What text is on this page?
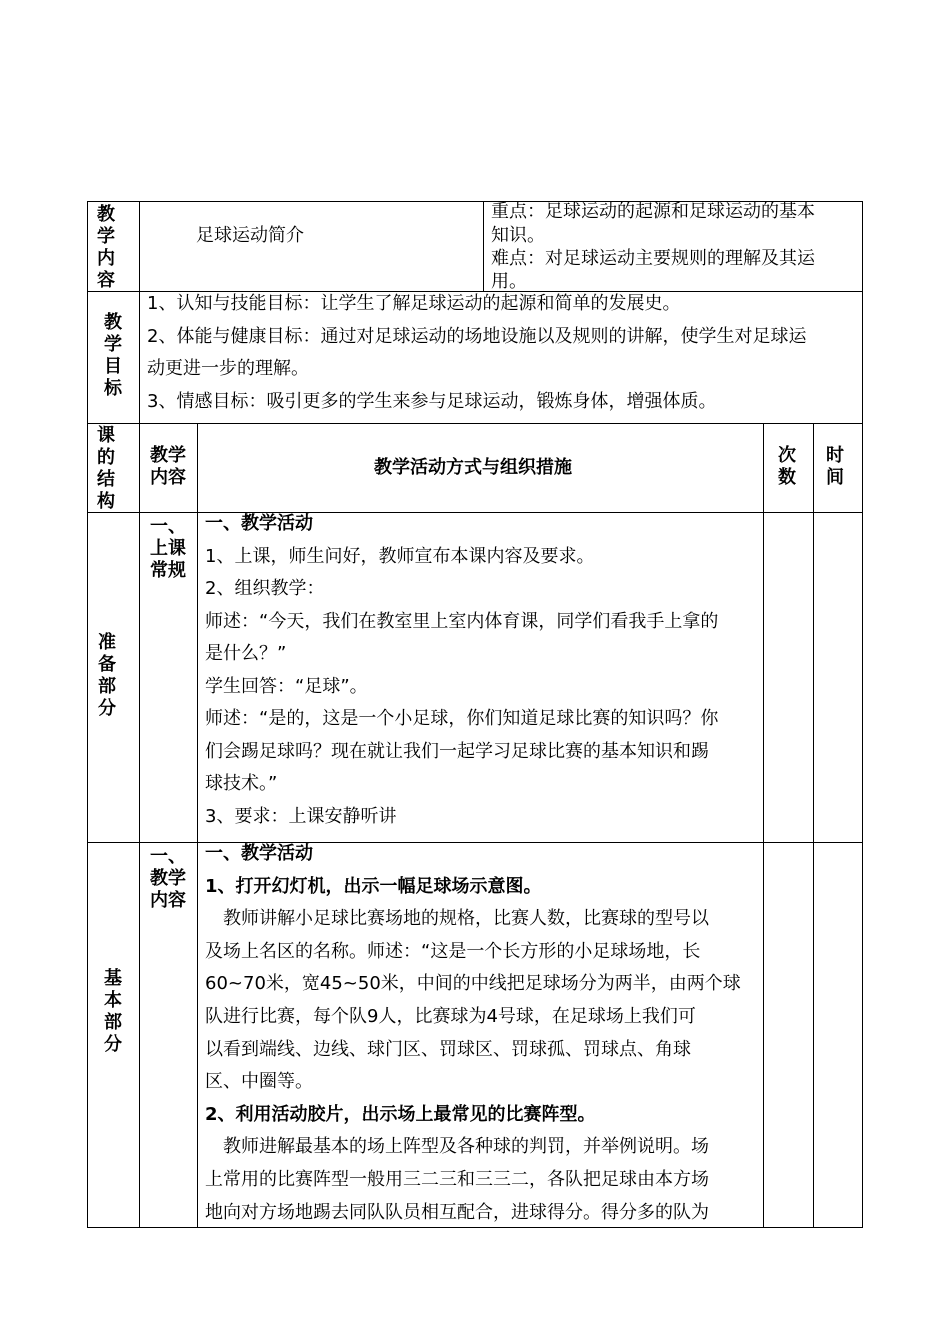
教
学
内
容
足球运动简介
重点：足球运动的起源和足球运动的基本
知识。
难点：对足球运动主要规则的理解及其运
用。
教
学
目
标

1、认知与技能目标：让学生了解足球运动的起源和简单的发展史。

2、体能与健康目标：通过对足球运动的场地设施以及规则的讲解，使学生对足球运

动更进一步的理解。

3、情感目标：吸引更多的学生来参与足球运动，锻炼身体，增强体质。

课
的
结
构
教学
内容	教学活动方式与组织措施
次
数
时
间
准
备
部
分
一、
上课
常规

一、教学活动

1、上课，师生问好，教师宣布本课内容及要求。

2、组织教学：

师述：“今天，我们在教室里上室内体育课，同学们看我手上拿的

是什么？”

学生回答：“足球”。

师述：“是的，这是一个小足球，你们知道足球比赛的知识吗？你

们会踢足球吗？现在就让我们一起学习足球比赛的基本知识和踢

球技术。”

3、要求：上课安静听讲

基
本
部
分
一、
教学
内容

一、教学活动

1、打开幻灯机，出示一幅足球场示意图。

　教师讲解小足球比赛场地的规格，比赛人数，比赛球的型号以

及场上名区的名称。师述：“这是一个长方形的小足球场地，长

60~70米，宽45~50米，中间的中线把足球场分为两半，由两个球

队进行比赛，每个队9人，比赛球为4号球，在足球场上我们可

以看到端线、边线、球门区、罚球区、罚球孤、罚球点、角球

区、中圈等。

2、利用活动胶片，出示场上最常见的比赛阵型。

　教师进解最基本的场上阵型及各种球的判罚，并举例说明。场

上常用的比赛阵型一般用三二三和三三二，各队把足球由本方场

地向对方场地踢去同队队员相互配合，进球得分。得分多的队为
